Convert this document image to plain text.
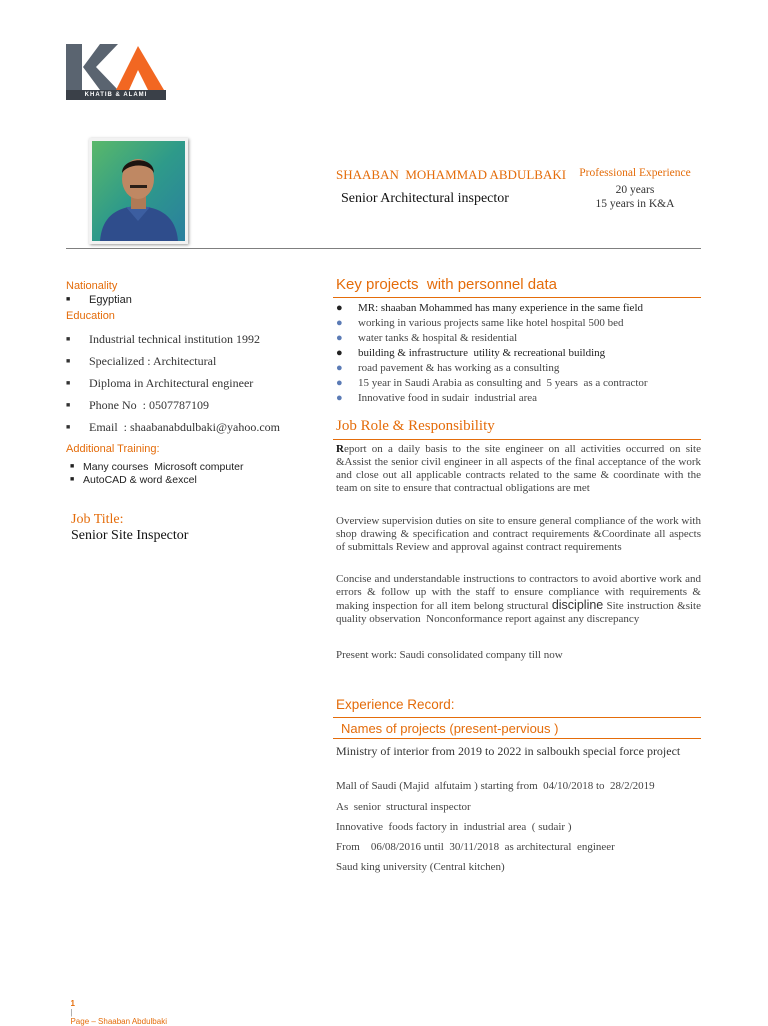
KHATIB & ALAMI
SHAABAN  MOHAMMAD ABDULBAKI
Senior Architectural inspector
Professional Experience
20 years
15 years in K&A
Nationality
■ Egyptian
Education
■ Industrial technical institution 1992
■ Specialized : Architectural
■ Diploma in Architectural engineer
■ Phone No  : 0507787109
■ Email  : shaabanabdulbaki@yahoo.com
Additional Training:
■ Many courses  Microsoft computer
■ AutoCAD & word &excel
Job Title:
Senior Site Inspector
Key projects  with personnel data
● MR: shaaban Mohammed has many experience in the same field
● working in various projects same like hotel hospital 500 bed
● water tanks & hospital & residential
● building & infrastructure  utility & recreational building
● road pavement & has working as a consulting
● 15 year in Saudi Arabia as consulting and  5 years  as a contractor
● Innovative food in sudair  industrial area
Job Role & Responsibility
Report on a daily basis to the site engineer on all activities occurred on site &Assist the senior civil engineer in all aspects of the final acceptance of the work and close out all applicable contracts related to the same & coordinate with the team on site to ensure that contractual obligations are met
Overview supervision duties on site to ensure general compliance of the work with shop drawing & specification and contract requirements &Coordinate all aspects of submittals Review and approval against contract requirements
Concise and understandable instructions to contractors to avoid abortive work and errors & follow up with the staff to ensure compliance with requirements & making inspection for all item belong structural discipline Site instruction &site quality observation  Nonconformance report against any discrepancy
Present work: Saudi consolidated company till now
Experience Record:
Names of projects (present-pervious )
Ministry of interior from 2019 to 2022 in salboukh special force project
Mall of Saudi (Majid  alfutaim ) starting from  04/10/2018 to  28/2/2019
As  senior  structural inspector
Innovative  foods factory in  industrial area  ( sudair )
From    06/08/2016 until  30/11/2018  as architectural  engineer
Saud king university (Central kitchen)

1
|
Page – Shaaban Abdulbaki
